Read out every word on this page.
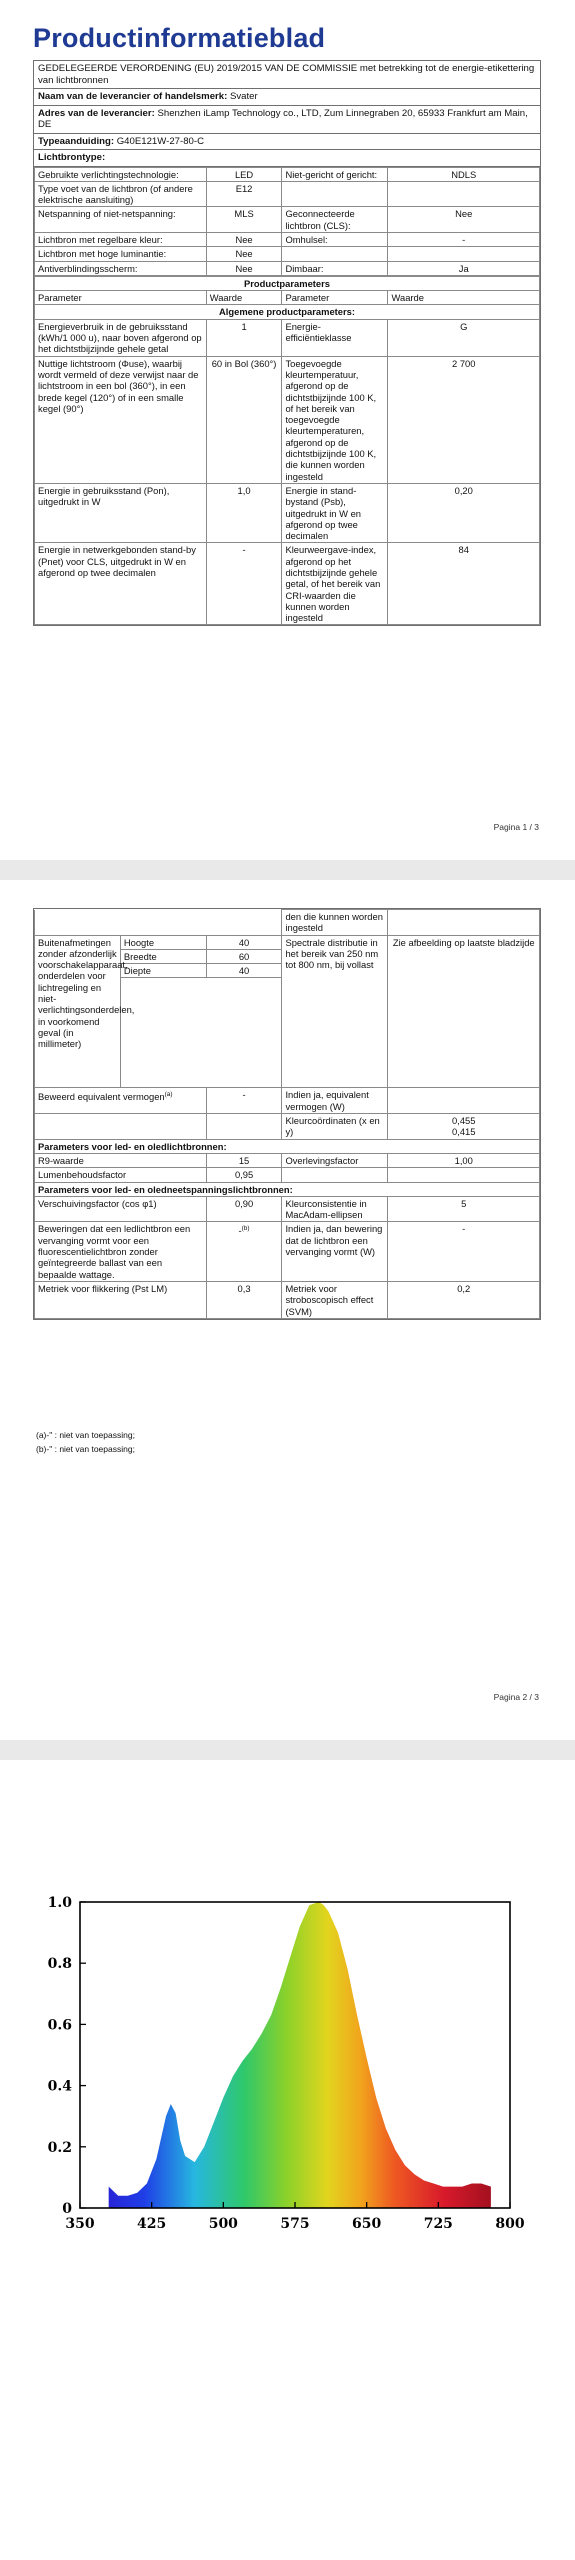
Productinformatieblad
GEDELEGEERDE VERORDENING (EU) 2019/2015 VAN DE COMMISSIE met betrekking tot de energie-etikettering van lichtbronnen
Naam van de leverancier of handelsmerk: Svater
Adres van de leverancier: Shenzhen iLamp Technology co., LTD, Zum Linnegraben 20, 65933 Frankfurt am Main, DE
Typeaanduiding: G40E121W-27-80-C
Lichtbrontype:
Gebruikte verlichtingstechnologie:	LED	Niet-gericht of gericht:	NDLS
Type voet van de lichtbron (of andere elektrische aansluiting)	E12		
Netspanning of niet-netspanning:	MLS	Geconnecteerde lichtbron (CLS):	Nee
Lichtbron met regelbare kleur:	Nee	Omhulsel:	-
Lichtbron met hoge luminantie:	Nee		
Antiverblindingsscherm:	Nee	Dimbaar:	Ja
Productparameters			
Parameter	Waarde	Parameter	Waarde
Algemene productparameters:			
Energieverbruik in de gebruiksstand (kWh/1 000 u), naar boven afgerond op het dichtstbijzijnde gehele getal	1	Energie-efficiëntieklasse	G
Nuttige lichtstroom (Φuse), waarbij wordt vermeld of deze verwijst naar de lichtstroom in een bol (360°), in een brede kegel (120°) of in een smalle kegel (90°)	60 in Bol (360°)	Toegevoegde kleurtemperatuur, afgerond op de dichtstbijzijnde 100 K, of het bereik van toegevoegde kleurtemperaturen, afgerond op de dichtstbijzijnde 100 K, die kunnen worden ingesteld	2 700
Energie in gebruiksstand (Pon), uitgedrukt in W	1,0	Energie in stand-bystand (Psb), uitgedrukt in W en afgerond op twee decimalen	0,20
Energie in netwerkgebonden stand-by (Pnet) voor CLS, uitgedrukt in W en afgerond op twee decimalen	-	Kleurweergave-index, afgerond op het dichtstbijzijnde gehele getal, of het bereik van CRI-waarden die kunnen worden ingesteld	84
Pagina 1 / 3
			den die kunnen worden ingesteld	
Buitenafmetingen zonder afzonderlijk voorschakelapparaat, onderdelen voor lichtregeling en niet-verlichtingsonderdelen, in voorkomend geval (in millimeter)	Hoogte	40	Spectrale distributie in het bereik van 250 nm tot 800 nm, bij vollast	Zie afbeelding op laatste bladzijde
	Breedte	60		
	Diepte	40		

Beweerd equivalent vermogen$^{(a)}$		-	Indien ja, equivalent vermogen (W)	
			Kleurcoördinaten (x en y)	0,455
0,415

Parameters voor led- en oledlichtbronnen:				
R9-waarde		15	Overlevingsfactor	1,00
Lumenbehoudsfactor		0,95		
Parameters voor led- en oledneetspanningslichtbronnen:				
Verschuivingsfactor (cos φ1)		0,90	Kleurconsistentie in MacAdam-ellipsen	5
Beweringen dat een ledlichtbron een vervanging vormt voor een fluorescentielichtbron zonder geïntegreerde ballast van een bepaalde wattage.		-$^{(b)}$	Indien ja, dan bewering dat de lichtbron een vervanging vormt (W)	-
Metriek voor flikkering (Pst LM)		0,3	Metriek voor stroboscopisch effect (SVM)	0,2
(a)-" : niet van toepassing;
(b)-" : niet van toepassing;
Pagina 2 / 3
350	425	500	575	650	725	800
0
0.2
0.4
0.6
0.8
1.0
